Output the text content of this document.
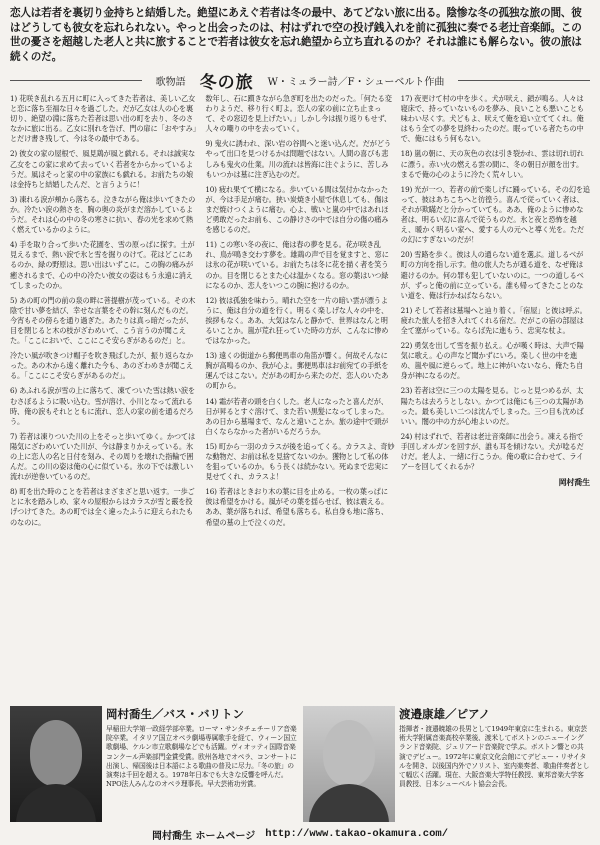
恋人は若者を裏切り金持ちと結婚した。絶望にあえぐ若者は冬の最中、あてどない旅に出る。陰惨な冬の孤独な旅の間、彼はどうしても彼女を忘れられない。やっと出会ったのは、村はずれで空の投げ銭入れを前に孤独に奏でる老辻音楽師。この世の憂さを超越した老人と共に旅することで若者は彼女を忘れ絶望から立ち直れるのか？それは誰にも解らない。彼の旅は続くのだ。

歌物語 冬の旅 W・ミュラー詩／F・シューベルト作曲

1) 花咲き乱れる五月に町に入ってきた若者は、美しい乙女と恋に落ち至福な日々を過ごした。だが乙女は人の心を裏切り、絶望の淵に落ちた若者は思い出の町を去り、冬のさなかに旅に出る。乙女に別れを告げ、門の扉に「おやすみ」とだけ書き残して、今は冬の最中である。

2) 彼女の家の屋根で、風見鶏が風と戯れる。それは誠実な乙女をこの家に求めて去っていく若者をからかっているようだ。風はそっと家の中の家族にも戯れる。お前たちの娘は金持ちと結婚したんだ、と言うように！

3) 凍れる涙が頬から落ちる。泣きながら俺は歩いてきたのか。冷たい涙の熱さを、胸の奥の炎がまだ溶かしているようだ。それは心の中の冬の寒さに抗い、春の光を求めて熱く燃えているかのように。

4) 手を取り合って歩いた花園を、雪の原っぱに探す。土が見えるまで、熱い涙で氷と雪を掘りのけて。花はどこにあるのか、緑の野原は。思い出はいずこに。この胸の痛みが癒されるまで、心の中の冷たい彼女の姿はもう永遠に消えてしまったのか。

5) あの町の門の前の泉の畔に菩提樹が茂っている。その木陰で甘い夢を結び、幸せな言葉をその幹に刻んだものだ。今宵もその傍らを通り過ぎた。あたりは真っ暗だったが、目を閉じると木の枝がざわめいて、こう言うのが聞こえた。「ここにおいで、ここにこそ安らぎがあるのだ」と。

冷たい風が吹きつけ帽子を吹き飛ばしたが、振り返らなかった。あの木から遠く離れた今も、あのざわめきが聞こえる。「ここにこそ安らぎがあるのだ」。

6) あふれる涙が雪の上に落ちて、凍てついた雪は熱い涙をむさぼるように吸い込む。雪が溶け、小川となって流れる時、俺の涙もそれとともに流れ、恋人の家の前を通るだろう。

7) 若者は凍りついた川の上をそっと歩いてゆく。かつては陽気にざわめいていた川が、今は静まりかえっている。氷の上に恋人の名と日付を刻み、その周りを壊れた指輪で囲んだ。この川の姿は俺の心に似ている。氷の下では激しい流れが逆巻いているのだ。

8) 町を出た時のことを若者はまざまざと思い返す。一歩ごとに氷を踏みしめ、家々の屋根からはカラスが雪と霰を投げつけてきた。あの町では全く違ったふうに迎えられたものなのに。

数年し、石に躓きながら急ぎ町を出たのだった。「何たる変わりようだ、移り行く町よ。恋人の家の前に立ち止まって、その窓辺を見上げたい。」しかし今は振り返りもせず、人々の嘲りの中を去っていく。

9) 鬼火に誘われ、深い岩の谷間へと迷い込んだ。だがどうやって出口を見つけるかは問題ではない。人間の喜びも悲しみも鬼火の仕業。川の流れは皆海に注ぐように、苦しみもいつかは墓に注ぎ込むのだ。

10) 疲れ果てて横になる。歩いている間は気付かなかったが、今は手足が痛む。狭い炭焼き小屋で休息しても、傷はまだ焼けつくように痛む。心よ、戦いと嵐の中ではあれほど勇敢だったお前も、この静けさの中では自分の傷の痛みを感じるのだ。

11) この寒い冬の夜に、俺は春の夢を見る。花が咲き乱れ、鳥が鳴き交わす夢を。雄鶏の声で目を覚ますと、窓には氷の花が咲いている。お前たちは冬に花を描く者を笑うのか。目を閉じるとまた心は温かくなる。窓の葉はいつ緑になるのか、恋人をいつこの腕に抱けるのか。

12) 彼は孤独を味わう。晴れた空を一片の暗い雲が漂うように、俺は自分の道を行く。明るく楽しげな人々の中を、挨拶もなく。ああ、大気はなんと静かで、世界はなんと明るいことか。嵐が荒れ狂っていた時の方が、こんなに惨めではなかった。

13) 遠くの街道から郵便馬車の角笛が響く。何故そんなに胸が高鳴るのか、我が心よ。郵便馬車はお前宛ての手紙を運んではこない。だがあの町から来たのだ、恋人のいたあの町から。

14) 霜が若者の頭を白くした。老人になったと喜んだが、日が昇るとすぐ溶けて、また若い黒髪になってしまった。あの日から墓場まで、なんと遠いことか。旅の途中で頭が白くならなかった者がいるだろうか。

15) 町から一羽のカラスが後を追ってくる。カラスよ、奇妙な動物だ、お前は私を見捨てないのか。獲物として私の体を狙っているのか。もう長くは続かない。死ぬまで忠実に見せてくれ、カラスよ！

16) 若者はときおり木の葉に目を止める。一枚の葉っぱに彼は希望をかける。風がその葉を揺らせば、彼は震える。ああ、葉が落ちれば、希望も落ちる。私自身も地に落ち、希望の墓の上で泣くのだ。

17) 夜更けて村の中を歩く。犬が吠え、鎖が鳴る。人々は寝床で、持っていないものを夢み、良いことも悪いことも味わい尽くす。犬どもよ、吠えて俺を追い立ててくれ。俺はもう全ての夢を見終わったのだ。眠っている者たちの中で、俺にはもう何もない。

18) 嵐の朝に、天の灰色の衣は引き裂かれ、雲は切れ切れに漂う。赤い火の燃える雲の間に、冬の朝日が顔を出す。まるで俺の心のように冷たく荒々しい。

19) 光が一つ、若者の前で楽しげに踊っている。その幻を追って、彼はあちこちへと彷徨う。喜んで従っていく者は、それが欺瞞だと分かっていても。ああ、俺のように惨めな者は、明るい幻に喜んで従うものだ。氷と夜と恐怖を越え、暖かく明るい家へ、愛する人の元へと導く光を。ただの幻にすぎないのだが！

20) 雪路を歩く。彼は人の通らない道を選ぶ。道しるべが町の方向を指し示す。他の旅人たちが通る道を、なぜ俺は避けるのか。何の罪も犯していないのに。一つの道しるべが、ずっと俺の前に立っている。誰も帰ってきたことのない道を、俺は行かねばならない。

21) そして若者は墓場へと辿り着く。「宿屋」と彼は呼ぶ。疲れた旅人を招き入れてくれる宿だ。だがこの宿の部屋は全て塞がっている。ならば先に進もう、忠実な杖よ。

22) 勇気を出して雪を振り払え。心が嘆く時は、大声で陽気に歌え。心の声など聞かずにいろ。楽しく世の中を進め、嵐や風に逆らって。地上に神がいないなら、俺たち自身が神になるのだ。

23) 若者は空に三つの太陽を見る。じっと見つめるが、太陽たちは去ろうとしない。かつては俺にも三つの太陽があった。最も美しい二つは沈んでしまった。三つ目も沈めばいい。闇の中の方が心地よいのだ。

24) 村はずれで、若者は老辻音楽師に出会う。凍える指で手回しオルガンを回すが、誰も耳を傾けない。犬が唸るだけだ。老人よ、一緒に行こうか。俺の歌に合わせて、ライアーを回してくれるか？

岡村喬生

岡村喬生／バス・バリトン

早稲田大学第一政経学部卒業。ローマ・サンタチェチーリア音楽院卒業。イタリア国立オペラ劇場専属歌手を経て、ウィーン国立歌劇場、ケルン市立歌劇場などでも活躍。ヴィオッティ国際音楽コンクール声楽部門金賞受賞。欧州各地でオペラ、コンサートに出演し、帰国後は日本語による歌曲の普及に尽力。「冬の旅」の演奏は千回を超える。1978年日本でも大きな反響を呼んだ。NPO法人みんなのオペラ理事長。早大芸術功労賞。

渡邉康雄／ピアノ

指揮者・渡邉暁雄の長男として1949年東京に生まれる。東京芸術大学附属音楽高校卒業後、渡米してボストンのニューイングランド音楽院、ジュリアード音楽院で学ぶ。ボストン響との共演でデビュー。1972年に東京文化会館にてデビュー・リサイタルを開き、以後国内外でソリスト、室内楽奏者、歌曲伴奏者として幅広く活躍。現在、大阪音楽大学特任教授、東邦音楽大学客員教授、日本シューベルト協会会長。

岡村喬生 ホームページ http://www.takao-okamura.com/
